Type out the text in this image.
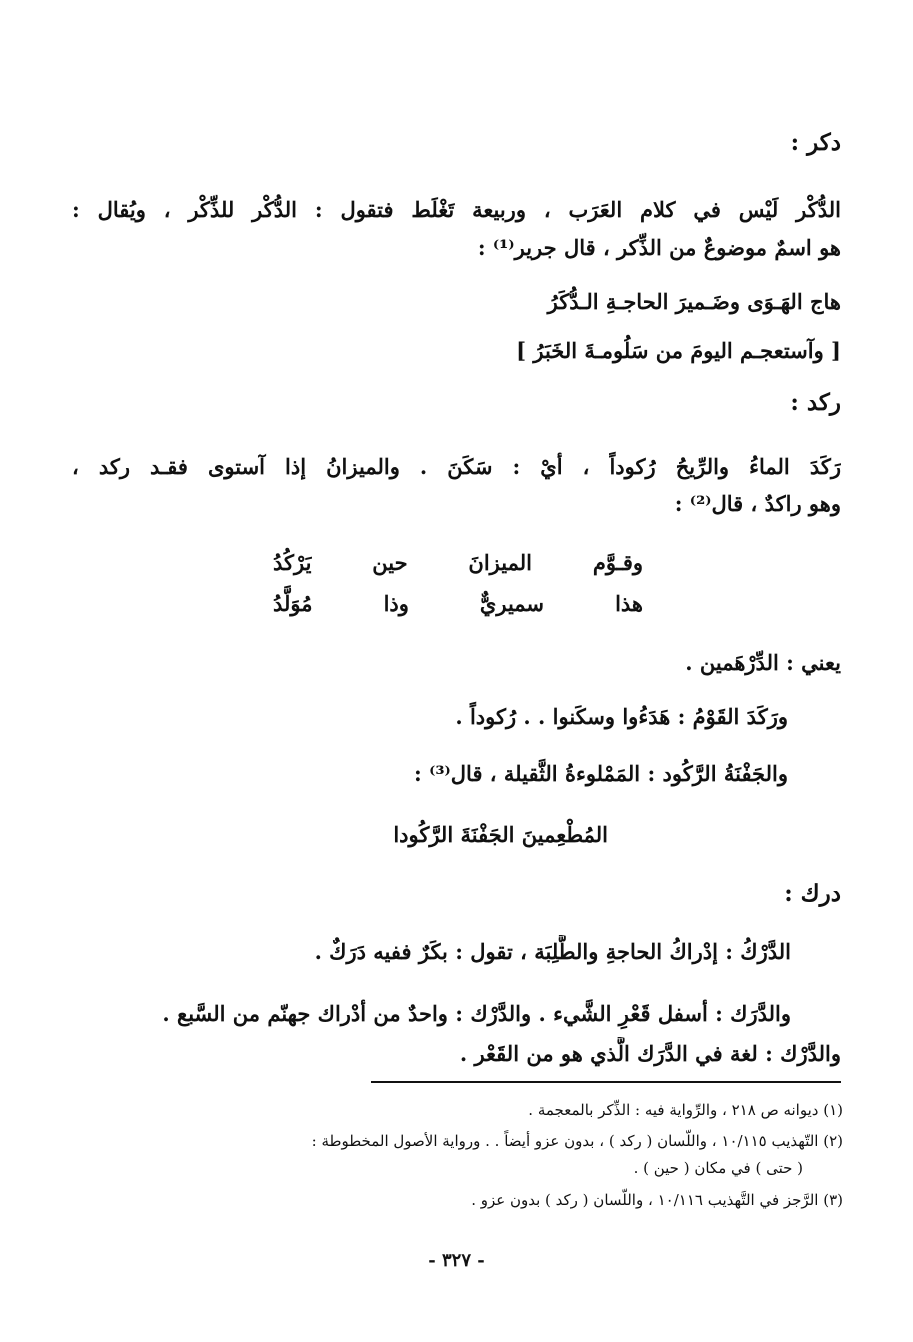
دكر :
الدُّكْر لَيْس في كلام العَرَب ، وربيعة تَغْلَط فتقول : الدُّكْر للذِّكْر ، ويُقال :
هو اسمٌ موضوعٌ من الذِّكر ، قال جرير⁽¹⁾ :
هاج الهَـوَى وضَـميرَ الحاجـةِ الـدُّكَرُ
[ وآستعجـم اليومَ من سَلُومـةَ الخَبَرُ ]
ركد :
رَكَدَ الماءُ والرِّيحُ رُكوداً ، أيْ : سَكَنَ . والميزانُ إذا آستوى فقـد ركد ،
وهو راكدٌ ، قال⁽²⁾ :
وقـوَّم
الميزانَ
حين
يَرْكُدُ
هذا
سميريٌّ
وذا
مُوَلَّدُ
يعني : الدِّرْهَمين .
ورَكَدَ القَوْمُ : هَدَءُوا وسكَنوا . . رُكوداً .
والجَفْنَةُ الرَّكُود : المَمْلوءةُ الثَّقيلة ، قال⁽³⁾ :
المُطْعِمينَ الجَفْنَةَ الرَّكُودا
درك :
الدَّرْكُ : إدْراكُ الحاجةِ والطَّلِبَة ، تقول : بكَرٌ ففيه دَرَكٌ .
والدَّرَك : أسفل قَعْرِ الشَّيء . والدَّرْك : واحدٌ من أدْراك جهنّم من السَّبع .
والدَّرْك : لغة في الدَّرَك الَّذي هو من القَعْر .
(١) ديوانه ص ٢١٨ ، والرِّواية فيه : الذِّكر بالمعجمة .
(٢) التّهذيب ١٠/١١٥ ، واللّسان ( ركد ) ، بدون عزو أيضاً . . ورواية الأصول المخطوطة :
( حتى ) في مكان ( حين ) .
(٣) الرَّجز في التَّهذيب ١٠/١١٦ ، واللّسان ( ركد ) بدون عزو .
- ٣٢٧ -
